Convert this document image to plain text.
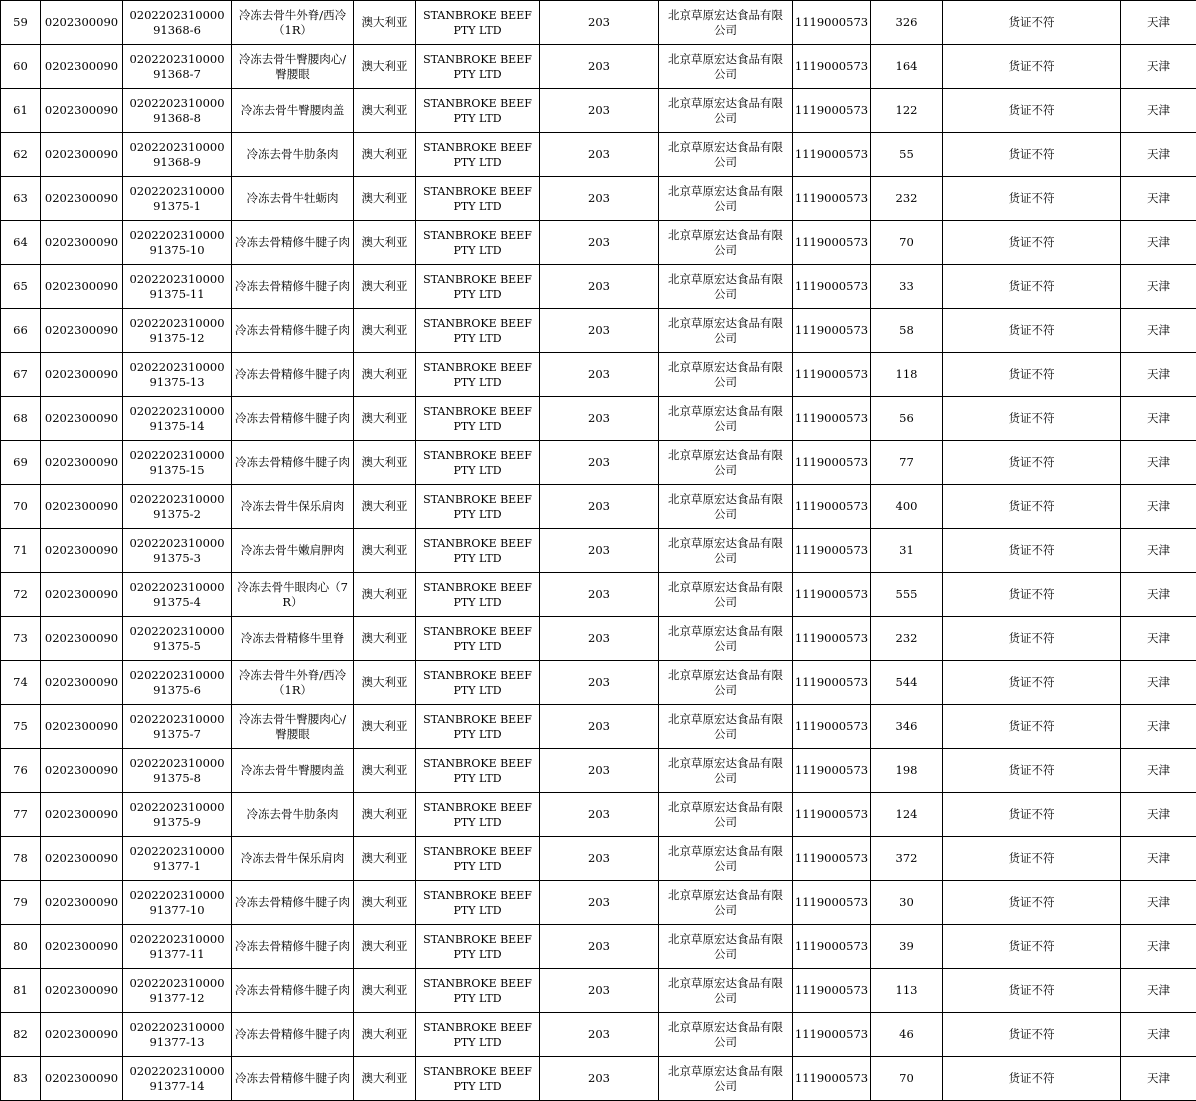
59	0202300090	0202202310000 91368-6	冷冻去骨牛外脊/西冷（1R）	澳大利亚	STANBROKE BEEF PTY LTD	203	北京草原宏达食品有限公司	1119000573	326	货证不符	天津
60	0202300090	0202202310000 91368-7	冷冻去骨牛臀腰肉心/臀腰眼	澳大利亚	STANBROKE BEEF PTY LTD	203	北京草原宏达食品有限公司	1119000573	164	货证不符	天津
61	0202300090	0202202310000 91368-8	冷冻去骨牛臀腰肉盖	澳大利亚	STANBROKE BEEF PTY LTD	203	北京草原宏达食品有限公司	1119000573	122	货证不符	天津
62	0202300090	0202202310000 91368-9	冷冻去骨牛肋条肉	澳大利亚	STANBROKE BEEF PTY LTD	203	北京草原宏达食品有限公司	1119000573	55	货证不符	天津
63	0202300090	0202202310000 91375-1	冷冻去骨牛牡蛎肉	澳大利亚	STANBROKE BEEF PTY LTD	203	北京草原宏达食品有限公司	1119000573	232	货证不符	天津
64	0202300090	0202202310000 91375-10	冷冻去骨精修牛腱子肉	澳大利亚	STANBROKE BEEF PTY LTD	203	北京草原宏达食品有限公司	1119000573	70	货证不符	天津
65	0202300090	0202202310000 91375-11	冷冻去骨精修牛腱子肉	澳大利亚	STANBROKE BEEF PTY LTD	203	北京草原宏达食品有限公司	1119000573	33	货证不符	天津
66	0202300090	0202202310000 91375-12	冷冻去骨精修牛腱子肉	澳大利亚	STANBROKE BEEF PTY LTD	203	北京草原宏达食品有限公司	1119000573	58	货证不符	天津
67	0202300090	0202202310000 91375-13	冷冻去骨精修牛腱子肉	澳大利亚	STANBROKE BEEF PTY LTD	203	北京草原宏达食品有限公司	1119000573	118	货证不符	天津
68	0202300090	0202202310000 91375-14	冷冻去骨精修牛腱子肉	澳大利亚	STANBROKE BEEF PTY LTD	203	北京草原宏达食品有限公司	1119000573	56	货证不符	天津
69	0202300090	0202202310000 91375-15	冷冻去骨精修牛腱子肉	澳大利亚	STANBROKE BEEF PTY LTD	203	北京草原宏达食品有限公司	1119000573	77	货证不符	天津
70	0202300090	0202202310000 91375-2	冷冻去骨牛保乐肩肉	澳大利亚	STANBROKE BEEF PTY LTD	203	北京草原宏达食品有限公司	1119000573	400	货证不符	天津
71	0202300090	0202202310000 91375-3	冷冻去骨牛嫩肩胛肉	澳大利亚	STANBROKE BEEF PTY LTD	203	北京草原宏达食品有限公司	1119000573	31	货证不符	天津
72	0202300090	0202202310000 91375-4	冷冻去骨牛眼肉心（7R）	澳大利亚	STANBROKE BEEF PTY LTD	203	北京草原宏达食品有限公司	1119000573	555	货证不符	天津
73	0202300090	0202202310000 91375-5	冷冻去骨精修牛里脊	澳大利亚	STANBROKE BEEF PTY LTD	203	北京草原宏达食品有限公司	1119000573	232	货证不符	天津
74	0202300090	0202202310000 91375-6	冷冻去骨牛外脊/西冷（1R）	澳大利亚	STANBROKE BEEF PTY LTD	203	北京草原宏达食品有限公司	1119000573	544	货证不符	天津
75	0202300090	0202202310000 91375-7	冷冻去骨牛臀腰肉心/臀腰眼	澳大利亚	STANBROKE BEEF PTY LTD	203	北京草原宏达食品有限公司	1119000573	346	货证不符	天津
76	0202300090	0202202310000 91375-8	冷冻去骨牛臀腰肉盖	澳大利亚	STANBROKE BEEF PTY LTD	203	北京草原宏达食品有限公司	1119000573	198	货证不符	天津
77	0202300090	0202202310000 91375-9	冷冻去骨牛肋条肉	澳大利亚	STANBROKE BEEF PTY LTD	203	北京草原宏达食品有限公司	1119000573	124	货证不符	天津
78	0202300090	0202202310000 91377-1	冷冻去骨牛保乐肩肉	澳大利亚	STANBROKE BEEF PTY LTD	203	北京草原宏达食品有限公司	1119000573	372	货证不符	天津
79	0202300090	0202202310000 91377-10	冷冻去骨精修牛腱子肉	澳大利亚	STANBROKE BEEF PTY LTD	203	北京草原宏达食品有限公司	1119000573	30	货证不符	天津
80	0202300090	0202202310000 91377-11	冷冻去骨精修牛腱子肉	澳大利亚	STANBROKE BEEF PTY LTD	203	北京草原宏达食品有限公司	1119000573	39	货证不符	天津
81	0202300090	0202202310000 91377-12	冷冻去骨精修牛腱子肉	澳大利亚	STANBROKE BEEF PTY LTD	203	北京草原宏达食品有限公司	1119000573	113	货证不符	天津
82	0202300090	0202202310000 91377-13	冷冻去骨精修牛腱子肉	澳大利亚	STANBROKE BEEF PTY LTD	203	北京草原宏达食品有限公司	1119000573	46	货证不符	天津
83	0202300090	0202202310000 91377-14	冷冻去骨精修牛腱子肉	澳大利亚	STANBROKE BEEF PTY LTD	203	北京草原宏达食品有限公司	1119000573	70	货证不符	天津
